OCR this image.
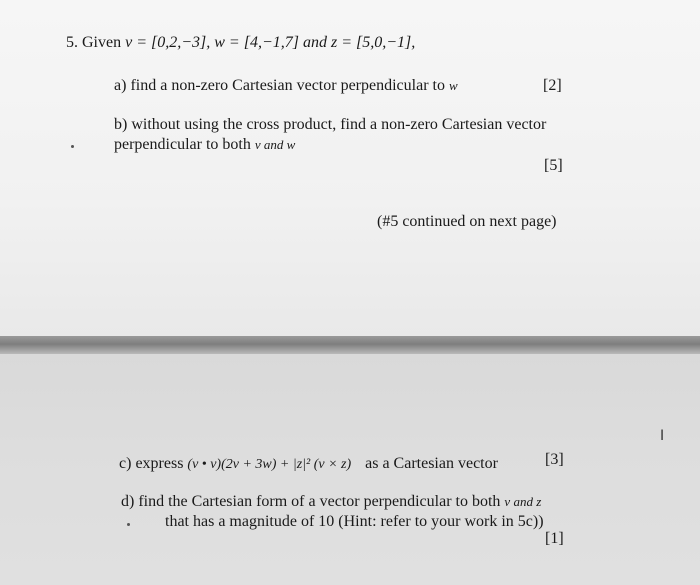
5. Given v = [0,2,−3], w = [4,−1,7] and z = [5,0,−1],
a) find a non-zero Cartesian vector perpendicular to w	[2]
b) without using the cross product, find a non-zero Cartesian vector
perpendicular to both v and w
[5]
(#5 continued on next page)
c) express (v • v)(2v + 3w) + |z|² (v × z) as a Cartesian vector	[3]
d) find the Cartesian form of a vector perpendicular to both v and z
that has a magnitude of 10 (Hint: refer to your work in 5c))
[1]
I
